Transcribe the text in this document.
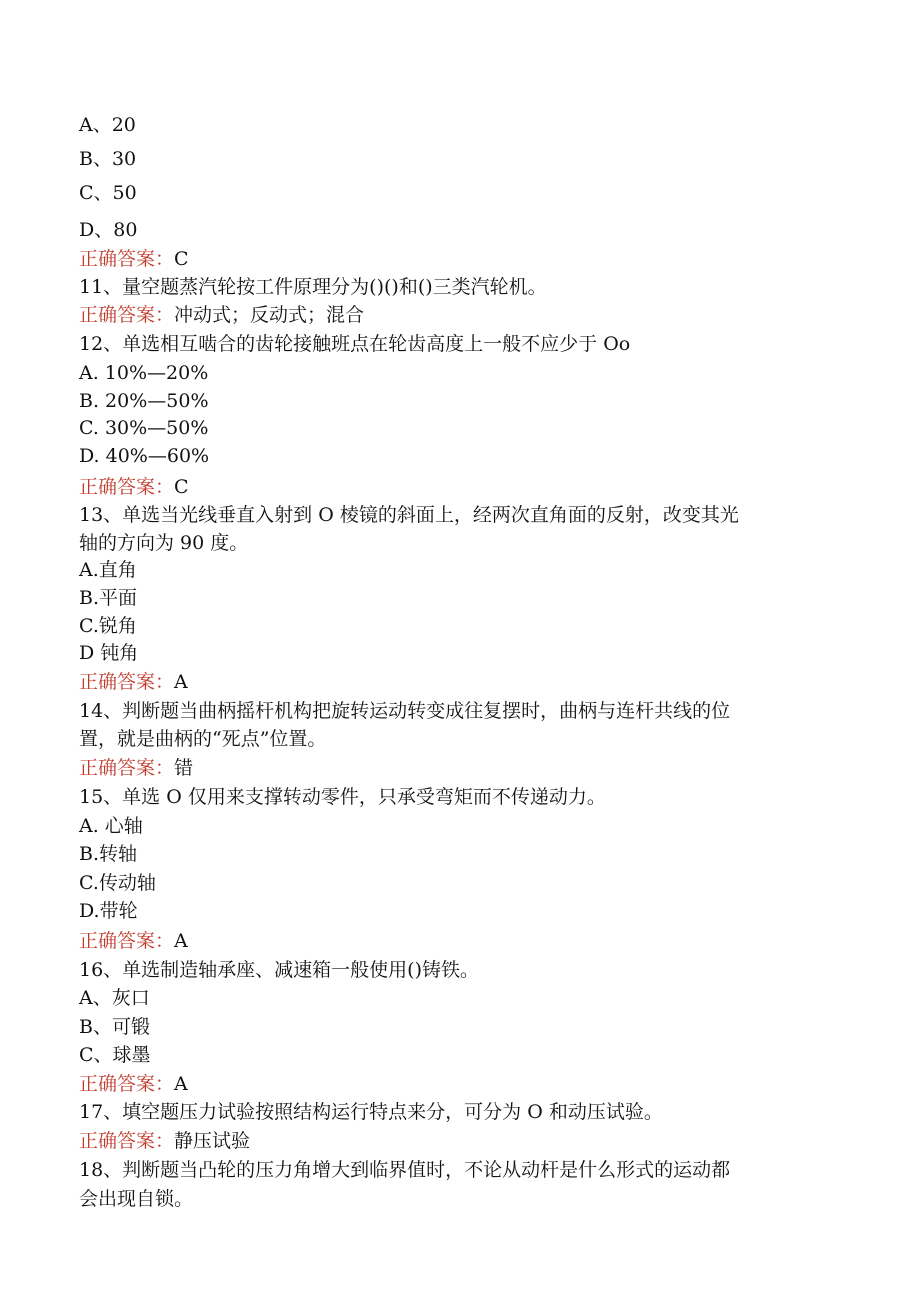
A、20
B、30
C、50
D、80
正确答案：C
11、量空题蒸汽轮按工件原理分为()()和()三类汽轮机。
正确答案：冲动式；反动式；混合
12、单选相互啮合的齿轮接触班点在轮齿高度上一般不应少于 Oo
A. 10%—20%
B. 20%—50%
C. 30%—50%
D. 40%—60%
正确答案：C
13、单选当光线垂直入射到 O 棱镜的斜面上，经两次直角面的反射，改变其光
轴的方向为 90 度。
A.直角
B.平面
C.锐角
D 钝角
正确答案：A
14、判断题当曲柄摇杆机构把旋转运动转变成往复摆时，曲柄与连杆共线的位
置，就是曲柄的“死点”位置。
正确答案：错
15、单选 O 仅用来支撑转动零件，只承受弯矩而不传递动力。
A. 心轴
B.转轴
C.传动轴
D.带轮
正确答案：A
16、单选制造轴承座、减速箱一般使用()铸铁。
A、灰口
B、可锻
C、球墨
正确答案：A
17、填空题压力试验按照结构运行特点来分，可分为 O 和动压试验。
正确答案：静压试验
18、判断题当凸轮的压力角增大到临界值时，不论从动杆是什么形式的运动都
会出现自锁。
